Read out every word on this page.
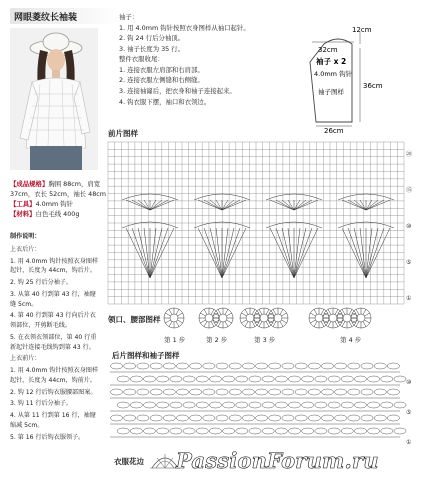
网眼菱纹长袖装
【成品规格】胸围 88cm，肩宽 37cm，衣长 52cm，袖长 48cm
【工具】4.0mm 钩针
【材料】白色毛线 400g
制作说明：

上衣后片：

1. 用 4.0mm 钩针按照衣身图样起针，长度为 44cm，钩后片。

2. 钩 25 行后分袖子。

3. 从第 40 行到第 43 行，袖窿缝 5cm。

4. 第 40 行到第 43 行向后片衣领部位，开剪断毛线。

5. 在衣领衣领部位，第 40 行重新起针连接毛线钩到第 43 行。

上衣前片：

1. 用 4.0mm 钩针按照衣身图样起针，长度为 44cm，钩前片。

2. 钩 12 行后钩衣服腰部图案。

3. 钩 11 行后分袖子。

4. 从第 11 行到第 16 行，袖窿缩减 5cm。

5. 第 16 行后钩衣服领子。

袖子：
1. 用 4.0mm 钩针按照衣身图样从袖口起针。
2. 钩 24 行后分袖顶。
3. 袖子长度为 35 行。
整件衣服收尾：
1. 连接衣服左肩部和右肩部。
2. 连接衣服左侧缝和右侧缝。
3. 连接袖窿后，把衣身和袖子连接起来。
4. 钩衣服下摆，袖口和衣领边。
32cm
12cm
36cm
26cm
袖子 x 2
4.0mm 钩针
袖子图样
前片图样
①
⑤
⑩
⑮
⑳
领口、腰部图样
第 1 步	第 2 步	第 3 步	第 4 步
后片图样和袖子图样
①
⑤
⑩
衣服花边 PassionForum.ru
